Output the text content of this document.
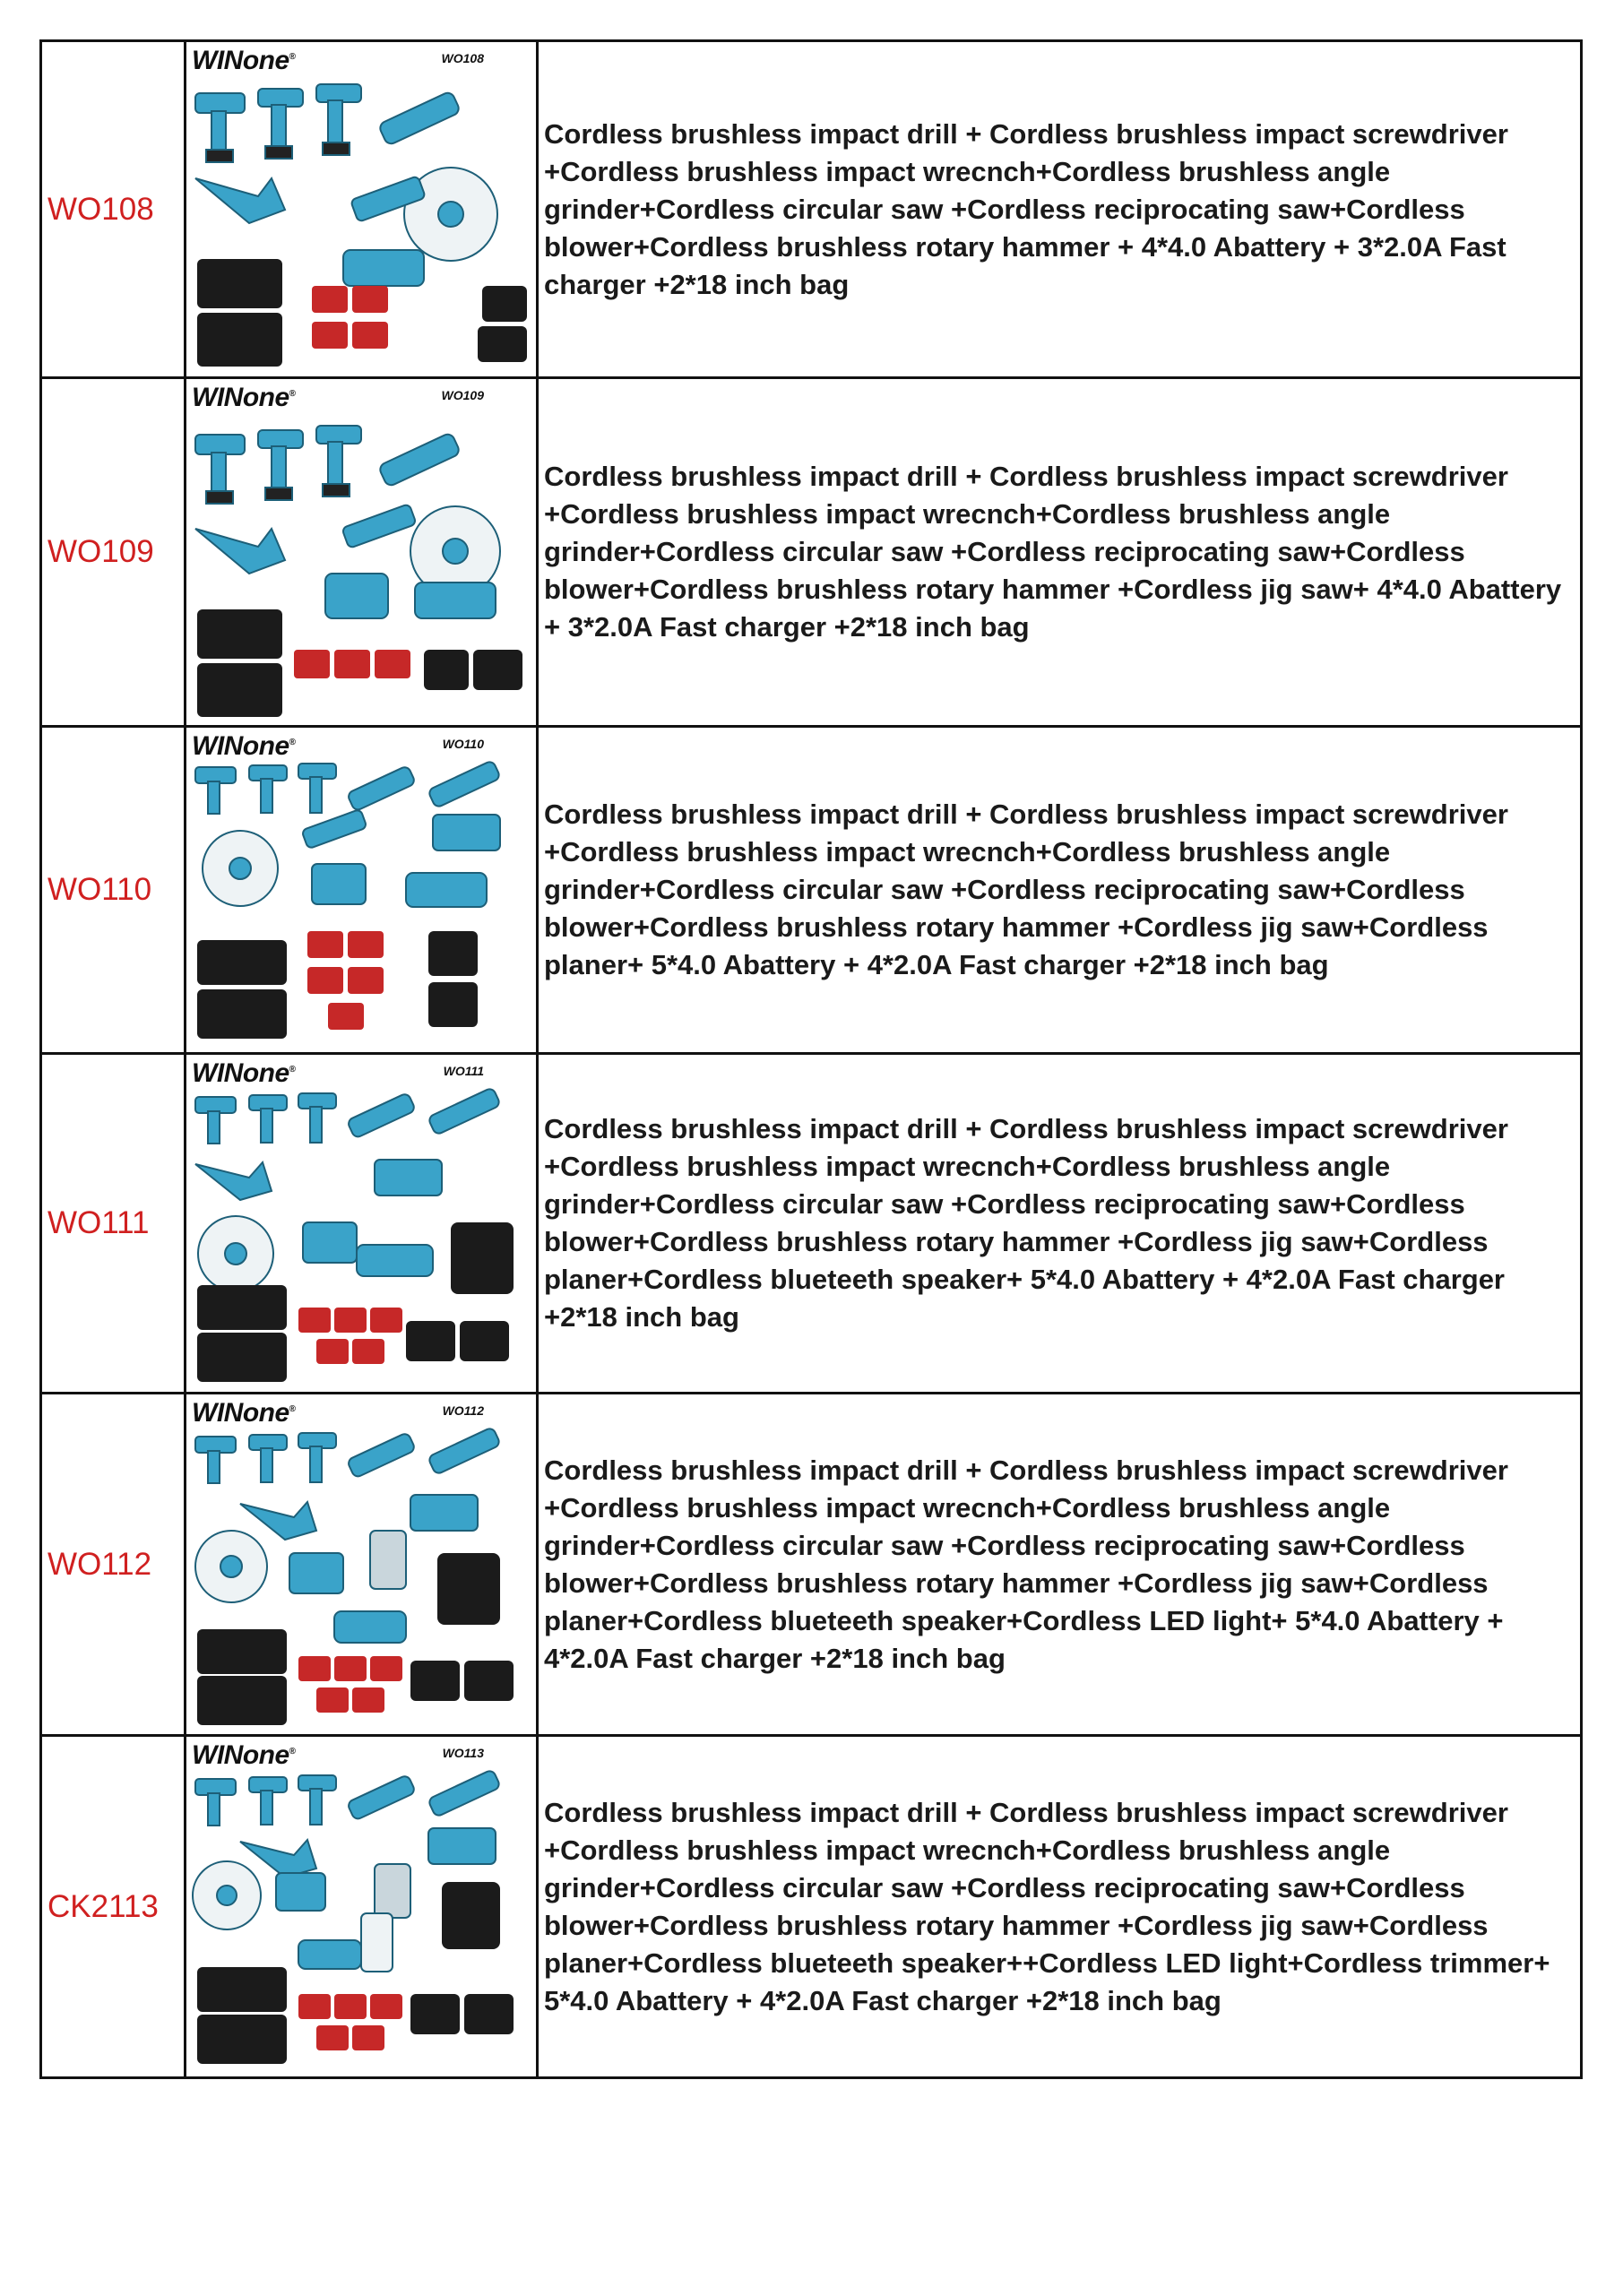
WO108	WINone® WO108	Cordless brushless impact drill + Cordless brushless impact screwdriver +Cordless brushless impact wrecnch+Cordless brushless angle grinder+Cordless circular saw +Cordless reciprocating saw+Cordless blower+Cordless brushless rotary hammer + 4*4.0 Abattery + 3*2.0A Fast charger +2*18 inch bag
WO109	WINone® WO109	Cordless brushless impact drill + Cordless brushless impact screwdriver +Cordless brushless impact wrecnch+Cordless brushless angle grinder+Cordless circular saw +Cordless reciprocating saw+Cordless blower+Cordless brushless rotary hammer +Cordless jig saw+ 4*4.0 Abattery + 3*2.0A Fast charger +2*18 inch bag
WO110	WINone® WO110	Cordless brushless impact drill + Cordless brushless impact screwdriver +Cordless brushless impact wrecnch+Cordless brushless angle grinder+Cordless circular saw +Cordless reciprocating saw+Cordless blower+Cordless brushless rotary hammer +Cordless jig saw+Cordless planer+ 5*4.0 Abattery + 4*2.0A Fast charger +2*18 inch bag
WO111	WINone® WO111	Cordless brushless impact drill + Cordless brushless impact screwdriver +Cordless brushless impact wrecnch+Cordless brushless angle grinder+Cordless circular saw +Cordless reciprocating saw+Cordless blower+Cordless brushless rotary hammer +Cordless jig saw+Cordless planer+Cordless blueteeth speaker+ 5*4.0 Abattery + 4*2.0A Fast charger +2*18 inch bag
WO112	WINone® WO112	Cordless brushless impact drill + Cordless brushless impact screwdriver +Cordless brushless impact wrecnch+Cordless brushless angle grinder+Cordless circular saw +Cordless reciprocating saw+Cordless blower+Cordless brushless rotary hammer +Cordless jig saw+Cordless planer+Cordless blueteeth speaker+Cordless LED light+ 5*4.0 Abattery + 4*2.0A Fast charger +2*18 inch bag
CK2113	WINone® WO113	Cordless brushless impact drill + Cordless brushless impact screwdriver +Cordless brushless impact wrecnch+Cordless brushless angle grinder+Cordless circular saw +Cordless reciprocating saw+Cordless blower+Cordless brushless rotary hammer +Cordless jig saw+Cordless planer+Cordless blueteeth speaker++Cordless LED light+Cordless trimmer+ 5*4.0 Abattery + 4*2.0A Fast charger +2*18 inch bag
